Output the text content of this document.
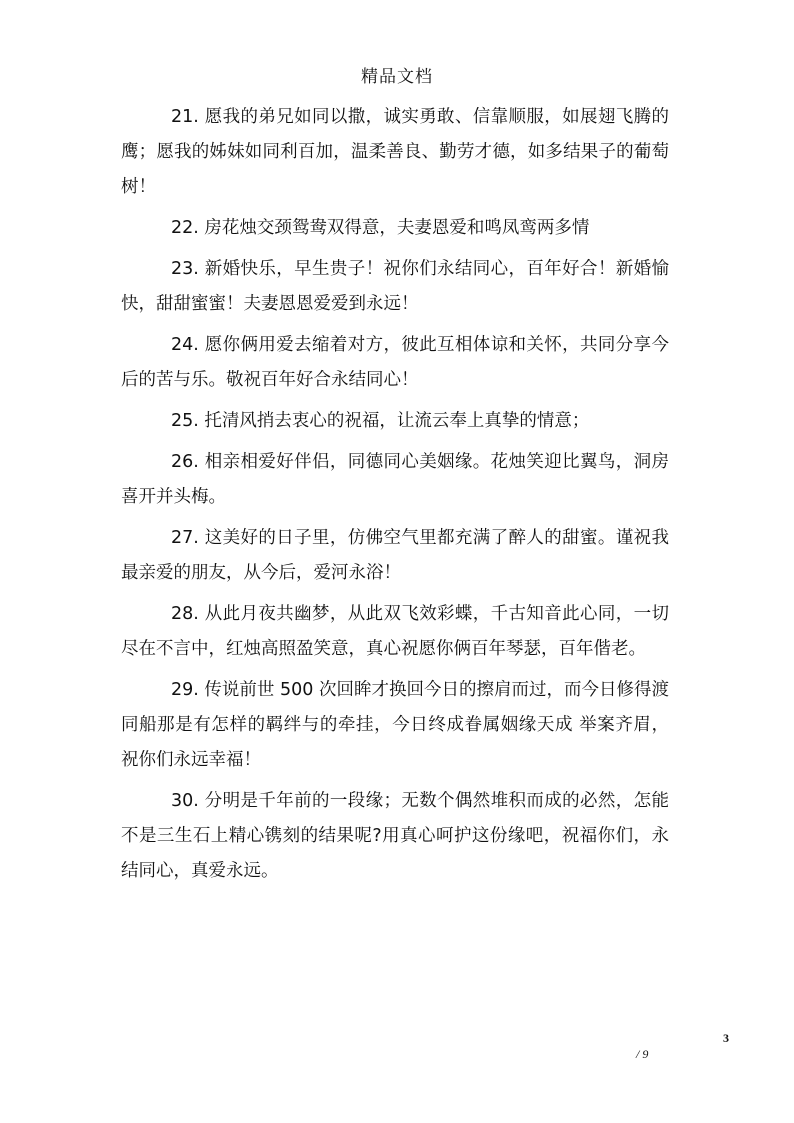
精品文档

21. 愿我的弟兄如同以撒，诚实勇敢、信靠顺服，如展翅飞腾的鹰；愿我的姊妹如同利百加，温柔善良、勤劳才德，如多结果子的葡萄树！

22. 房花烛交颈鸳鸯双得意，夫妻恩爱和鸣凤鸾两多情

23. 新婚快乐，早生贵子！祝你们永结同心，百年好合！新婚愉快，甜甜蜜蜜！夫妻恩恩爱爱到永远！

24. 愿你俩用爱去缩着对方，彼此互相体谅和关怀，共同分享今后的苦与乐。敬祝百年好合永结同心！

25. 托清风捎去衷心的祝福，让流云奉上真挚的情意；

26. 相亲相爱好伴侣，同德同心美姻缘。花烛笑迎比翼鸟，洞房喜开并头梅。

27. 这美好的日子里，仿佛空气里都充满了醉人的甜蜜。谨祝我最亲爱的朋友，从今后，爱河永浴！

28. 从此月夜共幽梦，从此双飞效彩蝶，千古知音此心同，一切尽在不言中，红烛高照盈笑意，真心祝愿你俩百年琴瑟，百年偕老。

29. 传说前世 500 次回眸才换回今日的擦肩而过，而今日修得渡同船那是有怎样的羁绊与的牵挂，今日终成眷属姻缘天成 举案齐眉，祝你们永远幸福！

30. 分明是千年前的一段缘；无数个偶然堆积而成的必然，怎能不是三生石上精心镌刻的结果呢?用真心呵护这份缘吧，祝福你们，永结同心，真爱永远。

3
/ 9
